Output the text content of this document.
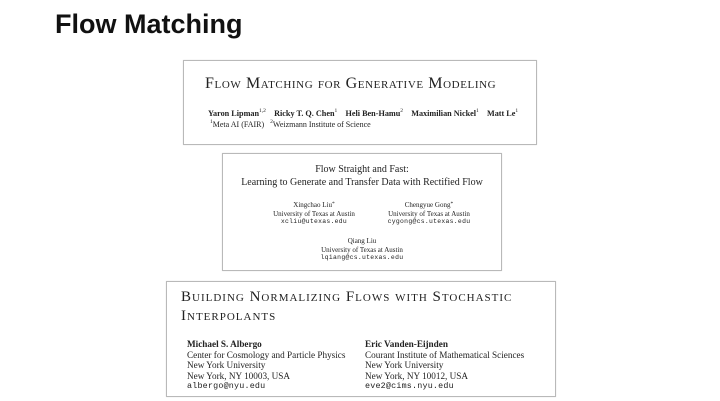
Flow Matching
Flow Matching for Generative Modeling
Yaron Lipman$^{1,2}$ Ricky T. Q. Chen$^1$ Heli Ben-Hamu$^2$ Maximilian Nickel$^1$ Matt Le$^1$
$^1$Meta AI (FAIR) $^2$Weizmann Institute of Science
Flow Straight and Fast:
Learning to Generate and Transfer Data with Rectified Flow
Xingchao Liu*
University of Texas at Austin
xcliu@utexas.edu
Chengyue Gong*
University of Texas at Austin
cygong@cs.utexas.edu
Qiang Liu
University of Texas at Austin
lqiang@cs.utexas.edu
Building Normalizing Flows with Stochastic
Interpolants
Michael S. Albergo
Center for Cosmology and Particle Physics
New York University
New York, NY 10003, USA
albergo@nyu.edu
Eric Vanden-Eijnden
Courant Institute of Mathematical Sciences
New York University
New York, NY 10012, USA
eve2@cims.nyu.edu
